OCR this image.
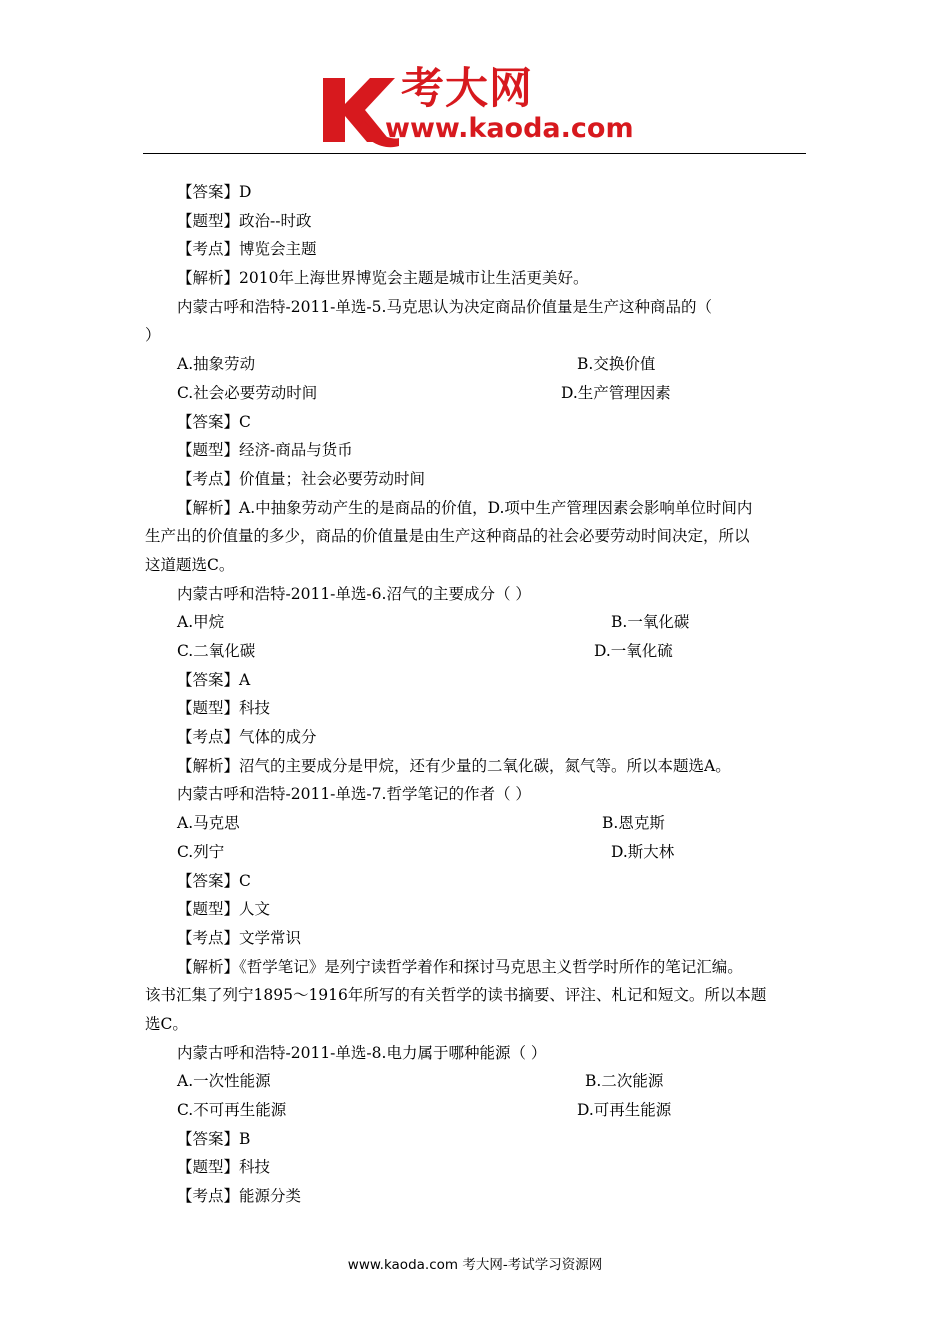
考大网
www.kaoda.com
【答案】D
【题型】政治--时政
【考点】博览会主题
【解析】2010年上海世界博览会主题是城市让生活更美好。
内蒙古呼和浩特-2011-单选-5.马克思认为决定商品价值量是生产这种商品的（
）
A.抽象劳动	B.交换价值
C.社会必要劳动时间	D.生产管理因素
【答案】C
【题型】经济-商品与货币
【考点】价值量；社会必要劳动时间
【解析】A.中抽象劳动产生的是商品的价值，D.项中生产管理因素会影响单位时间内
生产出的价值量的多少，商品的价值量是由生产这种商品的社会必要劳动时间决定，所以
这道题选C。
内蒙古呼和浩特-2011-单选-6.沼气的主要成分（ ）
A.甲烷	B.一氧化碳
C.二氧化碳	D.一氧化硫
【答案】A
【题型】科技
【考点】气体的成分
【解析】沼气的主要成分是甲烷，还有少量的二氧化碳，氮气等。所以本题选A。
内蒙古呼和浩特-2011-单选-7.哲学笔记的作者（ ）
A.马克思	B.恩克斯
C.列宁	D.斯大林
【答案】C
【题型】人文
【考点】文学常识
【解析】《哲学笔记》是列宁读哲学着作和探讨马克思主义哲学时所作的笔记汇编。
该书汇集了列宁1895～1916年所写的有关哲学的读书摘要、评注、札记和短文。所以本题
选C。
内蒙古呼和浩特-2011-单选-8.电力属于哪种能源（ ）
A.一次性能源	B.二次能源
C.不可再生能源	D.可再生能源
【答案】B
【题型】科技
【考点】能源分类
www.kaoda.com 考大网-考试学习资源网
